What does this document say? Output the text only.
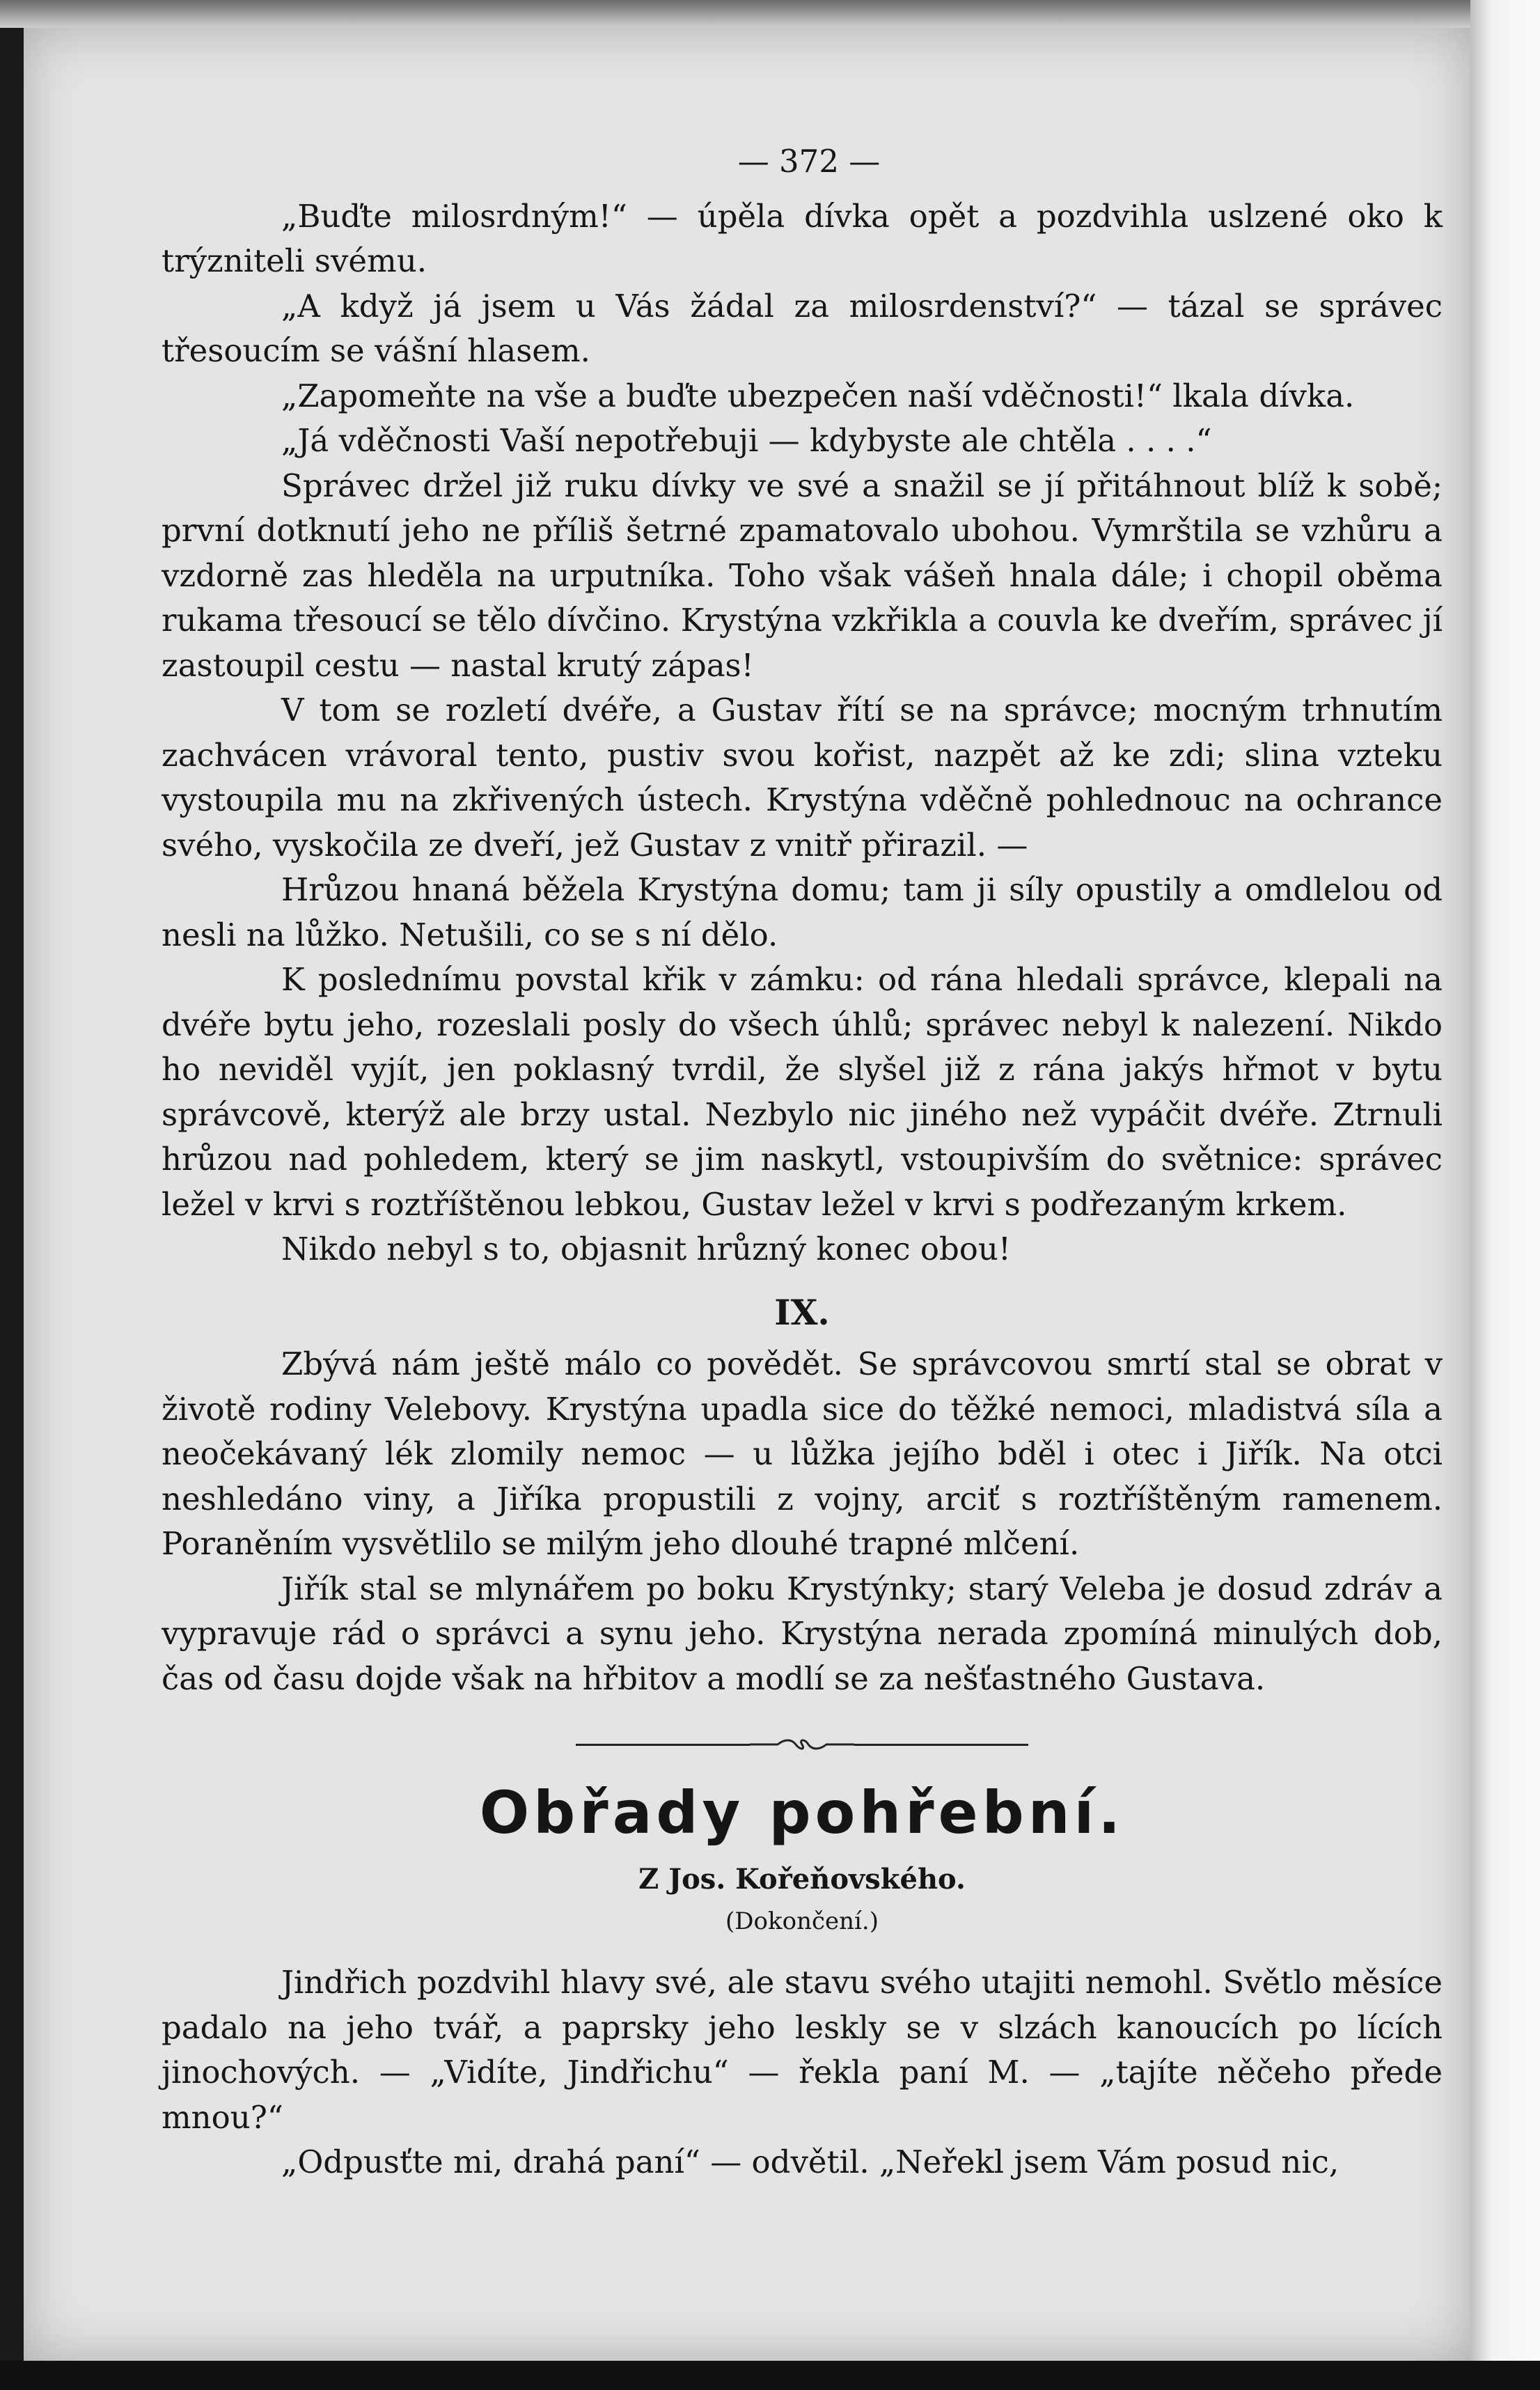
— 372 —

„Buďte milosrdným!“ — úpěla dívka opět a pozdvihla uslzené oko k trýzniteli svému.

„A když já jsem u Vás žádal za milosrdenství?“ — tázal se správec třesoucím se vášní hlasem.

„Zapomeňte na vše a buďte ubezpečen naší vděčnosti!“ lkala dívka.

„Já vděčnosti Vaší nepotřebuji — kdybyste ale chtěla . . . .“

Správec držel již ruku dívky ve své a snažil se jí přitáhnout blíž k sobě; první dotknutí jeho ne příliš šetrné zpamatovalo ubohou. Vymrštila se vzhůru a vzdorně zas hleděla na urputníka. Toho však vášeň hnala dále; i chopil oběma rukama třesoucí se tělo dívčino. Krystýna vzkřikla a couvla ke dveřím, správec jí zastoupil cestu — nastal krutý zápas!

V tom se rozletí dvéře, a Gustav řítí se na správce; mocným trhnutím zachvácen vrávoral tento, pustiv svou kořist, nazpět až ke zdi; slina vzteku vystoupila mu na zkřivených ústech. Krystýna vděčně pohlednouc na ochrance svého, vyskočila ze dveří, jež Gustav z vnitř přirazil. —

Hrůzou hnaná běžela Krystýna domu; tam ji síly opustily a omdlelou od nesli na lůžko. Netušili, co se s ní dělo.

K poslednímu povstal křik v zámku: od rána hledali správce, klepali na dvéře bytu jeho, rozeslali posly do všech úhlů; správec nebyl k nalezení. Nikdo ho neviděl vyjít, jen poklasný tvrdil, že slyšel již z rána jakýs hřmot v bytu správcově, kterýž ale brzy ustal. Nezbylo nic jiného než vypáčit dvéře. Ztrnuli hrůzou nad pohledem, který se jim naskytl, vstoupivším do světnice: správec ležel v krvi s roztříštěnou lebkou, Gustav ležel v krvi s podřezaným krkem.

Nikdo nebyl s to, objasnit hrůzný konec obou!

IX.

Zbývá nám ještě málo co povědět. Se správcovou smrtí stal se obrat v životě rodiny Velebovy. Krystýna upadla sice do těžké nemoci, mladistvá síla a neočekávaný lék zlomily nemoc — u lůžka jejího bděl i otec i Jiřík. Na otci neshledáno viny, a Jiříka propustili z vojny, arciť s roztříštěným ramenem. Poraněním vysvětlilo se milým jeho dlouhé trapné mlčení.

Jiřík stal se mlynářem po boku Krystýnky; starý Veleba je dosud zdráv a vypravuje rád o správci a synu jeho. Krystýna nerada zpomíná minulých dob, čas od času dojde však na hřbitov a modlí se za nešťastného Gustava.

Obřady pohřební.
Z Jos. Kořeňovského.
(Dokončení.)

Jindřich pozdvihl hlavy své, ale stavu svého utajiti nemohl. Světlo měsíce padalo na jeho tvář, a paprsky jeho leskly se v slzách kanoucích po lících jinochových. — „Vidíte, Jindřichu“ — řekla paní M. — „tajíte něčeho přede mnou?“

„Odpusťte mi, drahá paní“ — odvětil. „Neřekl jsem Vám posud nic,
